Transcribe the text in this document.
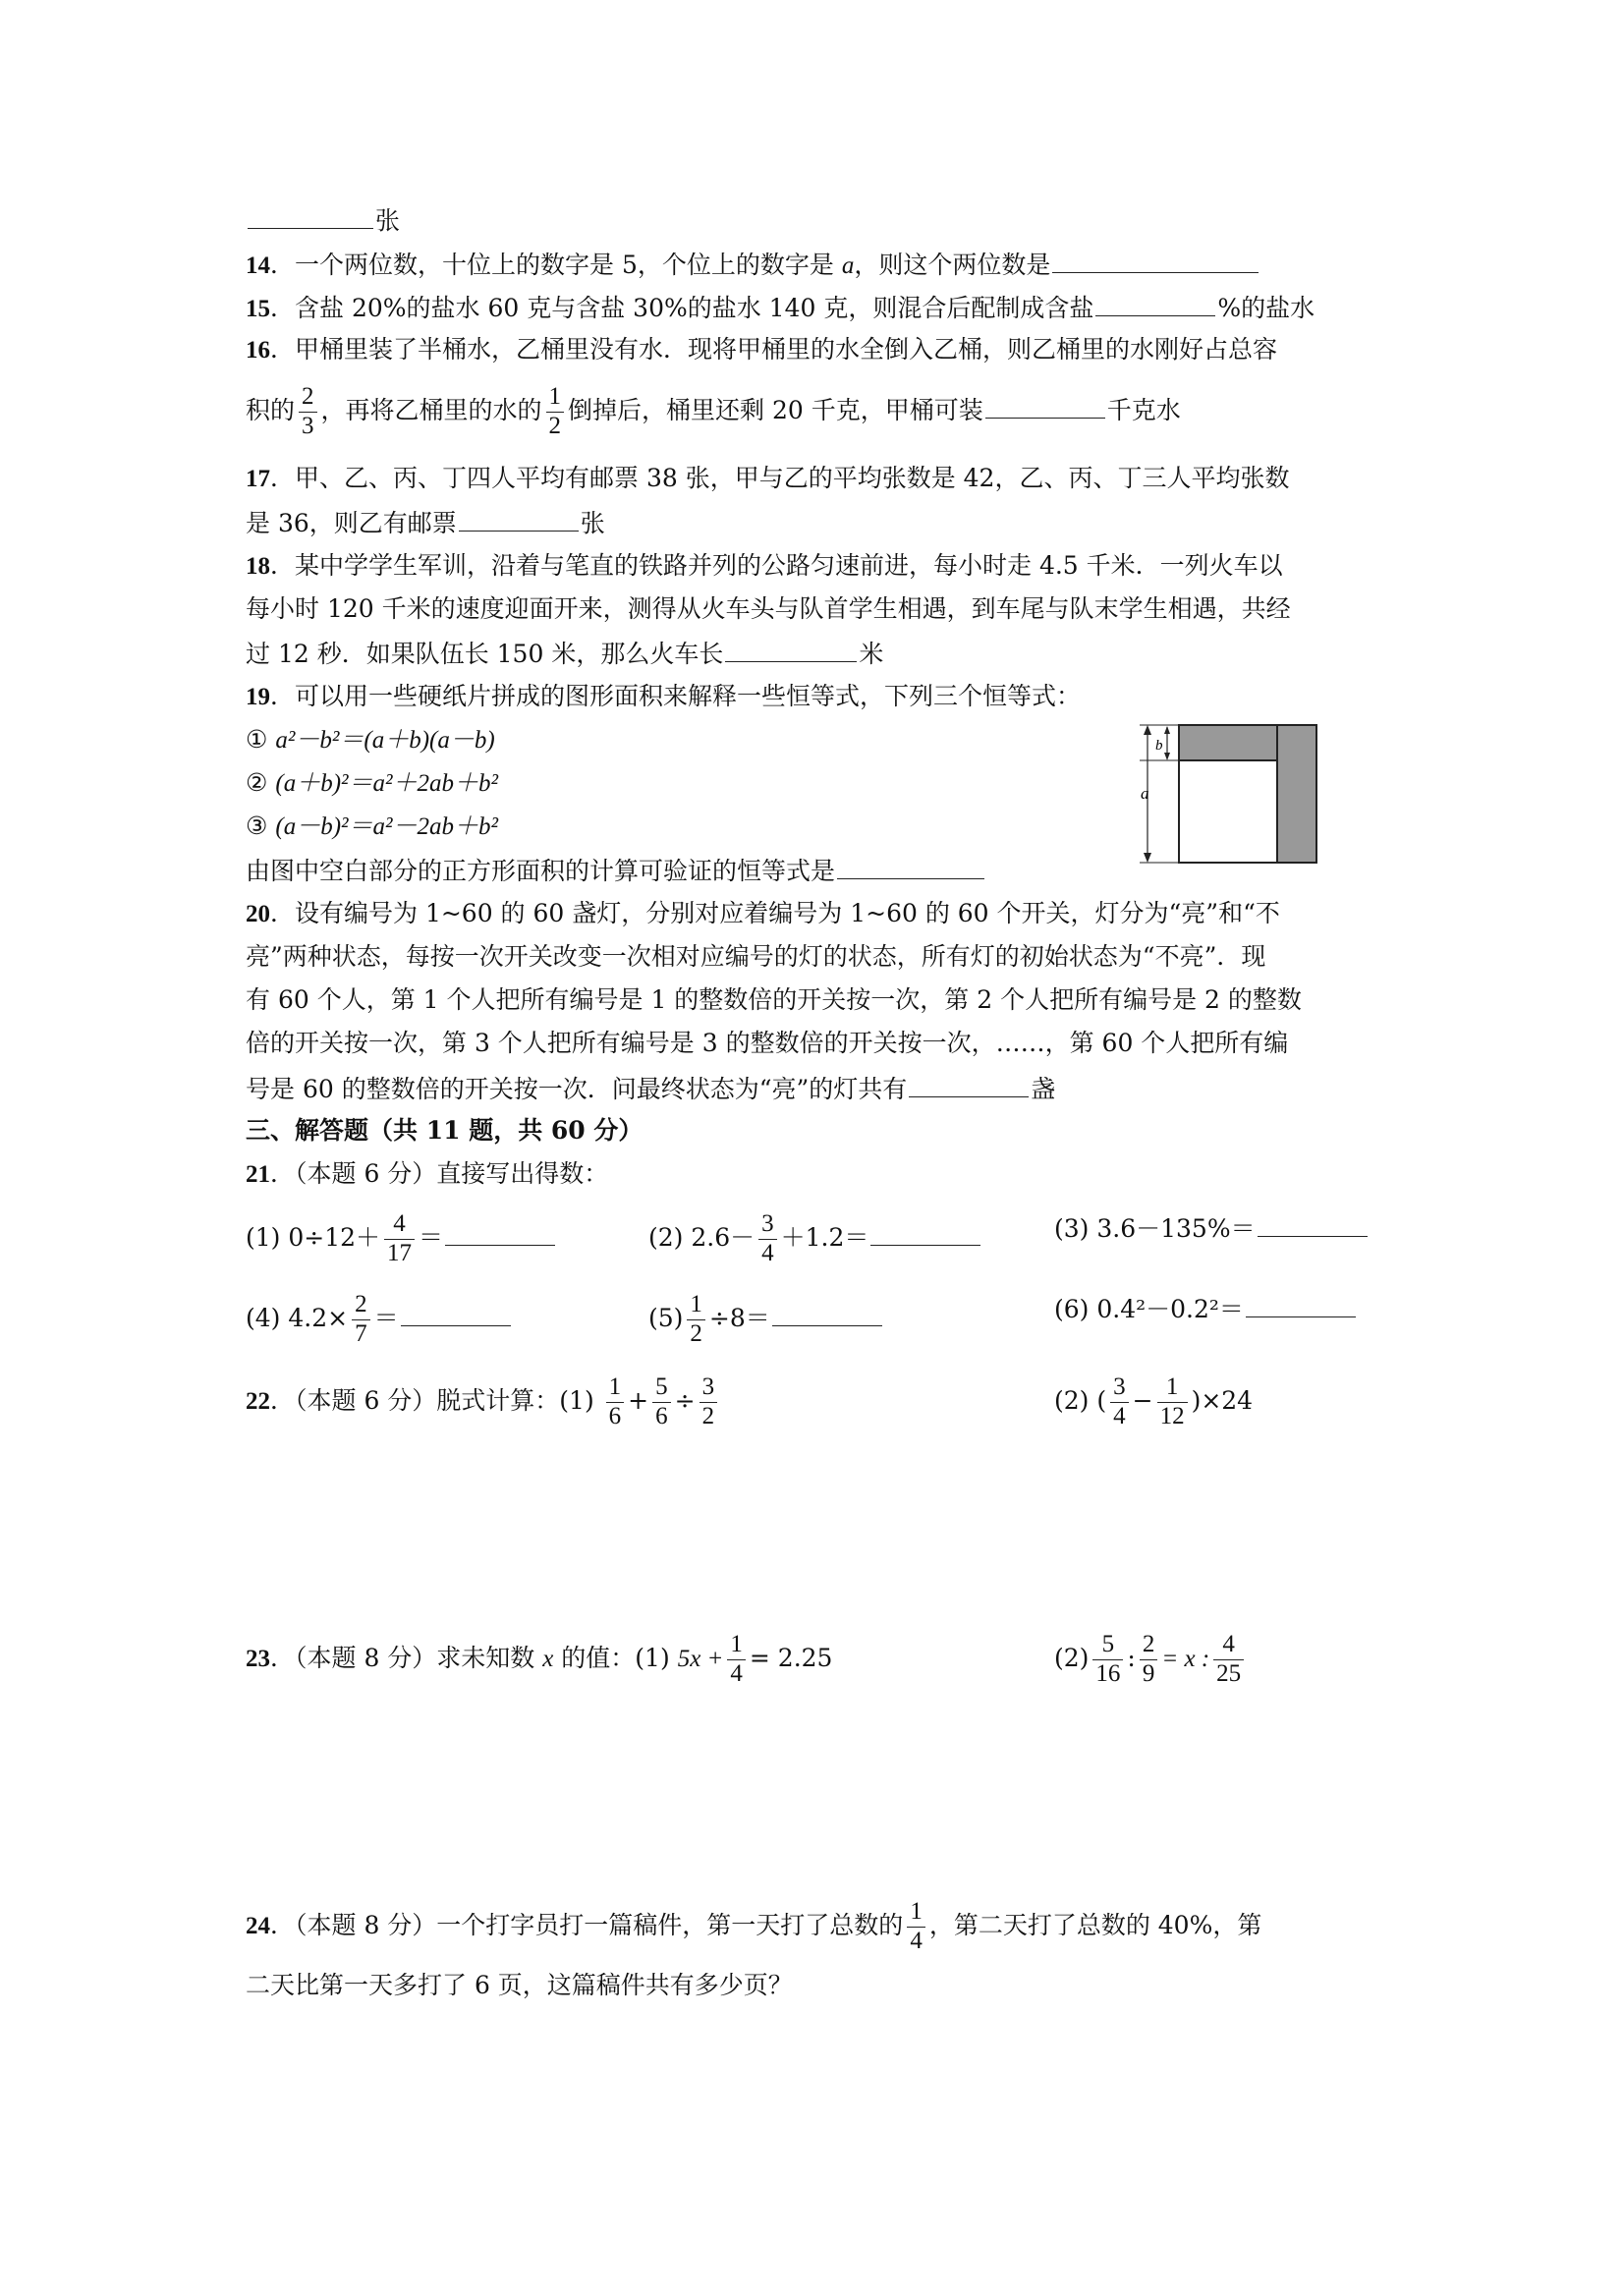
张
14．一个两位数，十位上的数字是 5，个位上的数字是 a，则这个两位数是
15．含盐 20%的盐水 60 克与含盐 30%的盐水 140 克，则混合后配制成含盐	%的盐水
16．甲桶里装了半桶水，乙桶里没有水．现将甲桶里的水全倒入乙桶，则乙桶里的水刚好占总容
积的 $\frac{2}{3}$ ，再将乙桶里的水的 $\frac{1}{2}$ 倒掉后，桶里还剩 20 千克，甲桶可装	千克水
17．甲、乙、丙、丁四人平均有邮票 38 张，甲与乙的平均张数是 42，乙、丙、丁三人平均张数
是 36，则乙有邮票	张
18．某中学学生军训，沿着与笔直的铁路并列的公路匀速前进，每小时走 4.5 千米．一列火车以
每小时 120 千米的速度迎面开来，测得从火车头与队首学生相遇，到车尾与队末学生相遇，共经
过 12 秒．如果队伍长 150 米，那么火车长	米
19．可以用一些硬纸片拼成的图形面积来解释一些恒等式，下列三个恒等式：
① a²－b²＝(a＋b)(a－b)
② (a＋b)²＝a²＋2ab＋b²
③ (a－b)²＝a²－2ab＋b²
由图中空白部分的正方形面积的计算可验证的恒等式是
b
a
20．设有编号为 1~60 的 60 盏灯，分别对应着编号为 1~60 的 60 个开关，灯分为“亮”和“不
亮”两种状态，每按一次开关改变一次相对应编号的灯的状态，所有灯的初始状态为“不亮”．现
有 60 个人，第 1 个人把所有编号是 1 的整数倍的开关按一次，第 2 个人把所有编号是 2 的整数
倍的开关按一次，第 3 个人把所有编号是 3 的整数倍的开关按一次，……，第 60 个人把所有编
号是 60 的整数倍的开关按一次．问最终状态为“亮”的灯共有	盏
三、解答题（共 11 题，共 60 分）
21．（本题 6 分）直接写出得数：
(1) $0\div 12+ \frac{4}{17}$ ＝	(2) $2.6- \frac{3}{4} +1.2=$	(3) 3.6－135%＝
(4) $4.2\times \frac{2}{7}$ ＝	$(5) \frac{1}{2} \div 8=$	(6) 0.4²－0.2²＝
22．（本题 6 分）脱式计算：$(1) \frac{1}{6} + \frac{5}{6} \div \frac{3}{2}$	(2) ( $\frac{3}{4} - \frac{1}{12} )\times 24$
23．（本题 8 分）求未知数 x 的值：(1) $5x + \frac{1}{4} = 2.25$	$(2) \frac{5}{16}$ : $\frac{2}{9} = x$ : $\frac{4}{25}$
24．（本题 8 分）一个打字员打一篇稿件，第一天打了总数的 $\frac{1}{4}$ ，第二天打了总数的 40%，第
二天比第一天多打了 6 页，这篇稿件共有多少页？
